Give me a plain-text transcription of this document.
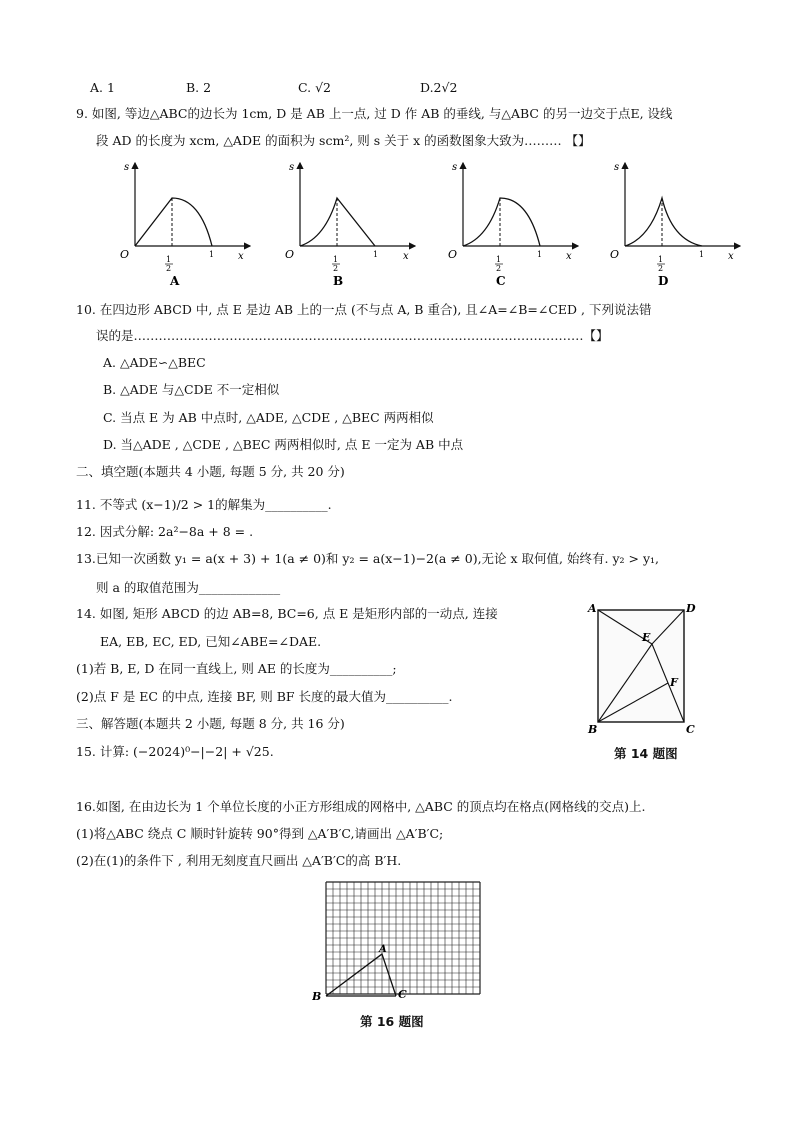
A. 1	B. 2	C. √2	D.2√2
9. 如图, 等边△ABC的边长为 1cm, D 是 AB 上一点, 过 D 作 AB 的垂线, 与△ABC 的另一边交于点E, 设线
段 AD 的长度为 xcm, △ADE 的面积为 scm², 则 s 关于 x 的函数图象大致为……… 【】
s
O	x
1
2
1
A
s
O	x
1
2
1
B
s
O	x
1
2
1
C
s
O	x
1
2
1
D
10. 在四边形 ABCD 中, 点 E 是边 AB 上的一点 (不与点 A, B 重合), 且∠A=∠B=∠CED , 下列说法错
误的是………………………………………………………………………………………………【】
A. △ADE∽△BEC
B. △ADE 与△CDE 不一定相似
C. 当点 E 为 AB 中点时, △ADE, △CDE , △BEC 两两相似
D. 当△ADE , △CDE , △BEC 两两相似时, 点 E 一定为 AB 中点
二、填空题(本题共 4 小题, 每题 5 分, 共 20 分)
11. 不等式 (x−1)/2 > 1的解集为__________.
12. 因式分解: 2a²−8a + 8 = .
13.已知一次函数 y₁ = a(x + 3) + 1(a ≠ 0)和 y₂ = a(x−1)−2(a ≠ 0),无论 x 取何值, 始终有. y₂ > y₁,
则 a 的取值范围为_____________
14. 如图, 矩形 ABCD 的边 AB=8, BC=6, 点 E 是矩形内部的一动点, 连接
EA, EB, EC, ED, 已知∠ABE=∠DAE.
(1)若 B, E, D 在同一直线上, 则 AE 的长度为__________;
(2)点 F 是 EC 的中点, 连接 BF, 则 BF 长度的最大值为__________.
A	D
B	C
E
F
第 14 题图
三、解答题(本题共 2 小题, 每题 8 分, 共 16 分)
15. 计算: (−2024)⁰−|−2| + √25.
16.如图, 在由边长为 1 个单位长度的小正方形组成的网格中, △ABC 的顶点均在格点(网格线的交点)上.
(1)将△ABC 绕点 C 顺时针旋转 90°得到 △A′B′C,请画出 △A′B′C;
(2)在(1)的条件下 , 利用无刻度直尺画出 △A′B′C的高 B′H.
B
A
C
第 16 题图
